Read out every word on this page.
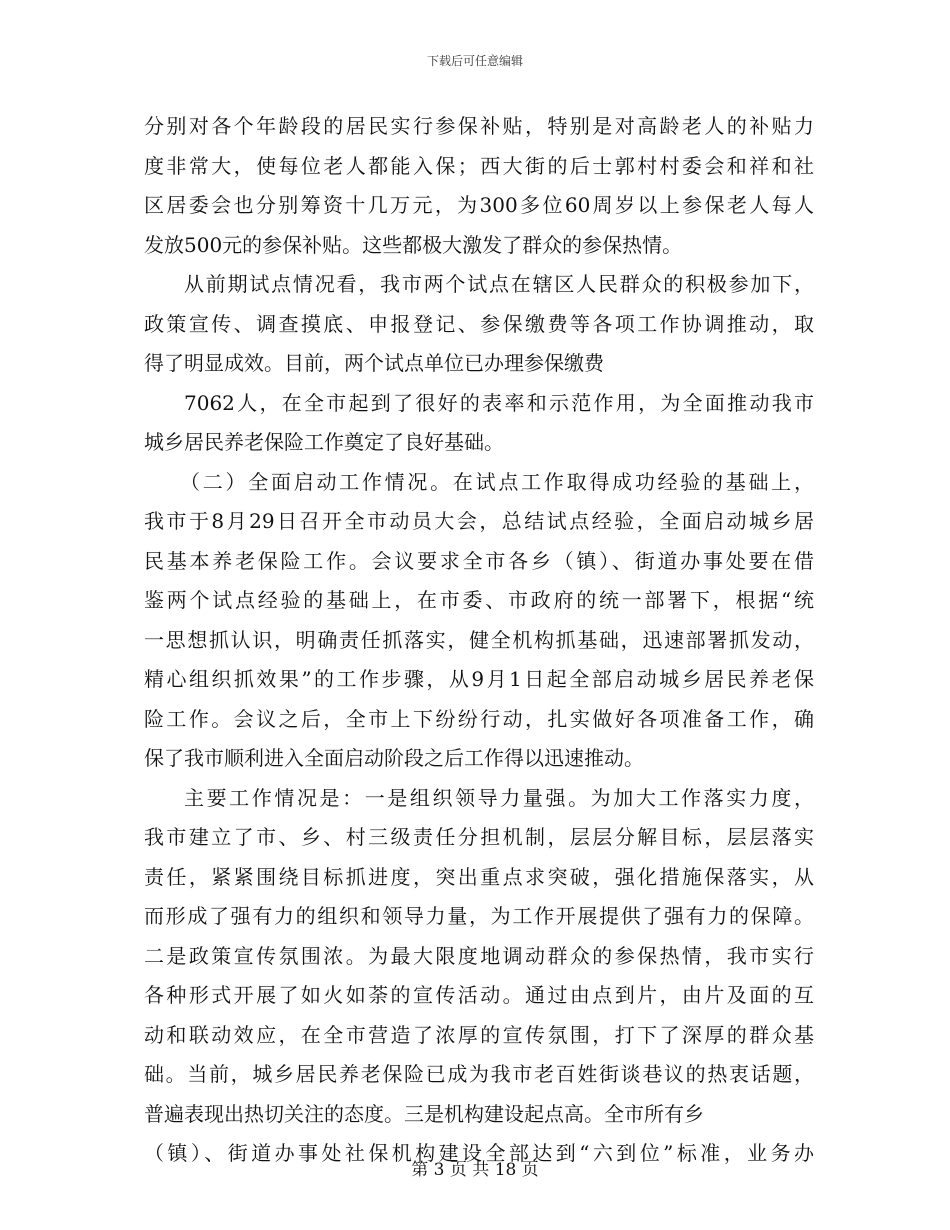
下载后可任意编辑
分别对各个年龄段的居民实行参保补贴，特别是对高龄老人的补贴力
度非常大，使每位老人都能入保；西大街的后士郭村村委会和祥和社
区居委会也分别筹资十几万元，为300多位60周岁以上参保老人每人
发放500元的参保补贴。这些都极大激发了群众的参保热情。
从前期试点情况看，我市两个试点在辖区人民群众的积极参加下，
政策宣传、调查摸底、申报登记、参保缴费等各项工作协调推动，取
得了明显成效。目前，两个试点单位已办理参保缴费
7062人，在全市起到了很好的表率和示范作用，为全面推动我市
城乡居民养老保险工作奠定了良好基础。
（二）全面启动工作情况。在试点工作取得成功经验的基础上，
我市于8月29日召开全市动员大会，总结试点经验，全面启动城乡居
民基本养老保险工作。会议要求全市各乡（镇）、街道办事处要在借
鉴两个试点经验的基础上，在市委、市政府的统一部署下，根据“统
一思想抓认识，明确责任抓落实，健全机构抓基础，迅速部署抓发动，
精心组织抓效果”的工作步骤，从9月1日起全部启动城乡居民养老保
险工作。会议之后，全市上下纷纷行动，扎实做好各项准备工作，确
保了我市顺利进入全面启动阶段之后工作得以迅速推动。
主要工作情况是：一是组织领导力量强。为加大工作落实力度，
我市建立了市、乡、村三级责任分担机制，层层分解目标，层层落实
责任，紧紧围绕目标抓进度，突出重点求突破，强化措施保落实，从
而形成了强有力的组织和领导力量，为工作开展提供了强有力的保障。
二是政策宣传氛围浓。为最大限度地调动群众的参保热情，我市实行
各种形式开展了如火如荼的宣传活动。通过由点到片，由片及面的互
动和联动效应，在全市营造了浓厚的宣传氛围，打下了深厚的群众基
础。当前，城乡居民养老保险已成为我市老百姓街谈巷议的热衷话题，
普遍表现出热切关注的态度。三是机构建设起点高。全市所有乡
（镇）、街道办事处社保机构建设全部达到“六到位”标准，业务办
第 3 页 共 18 页
